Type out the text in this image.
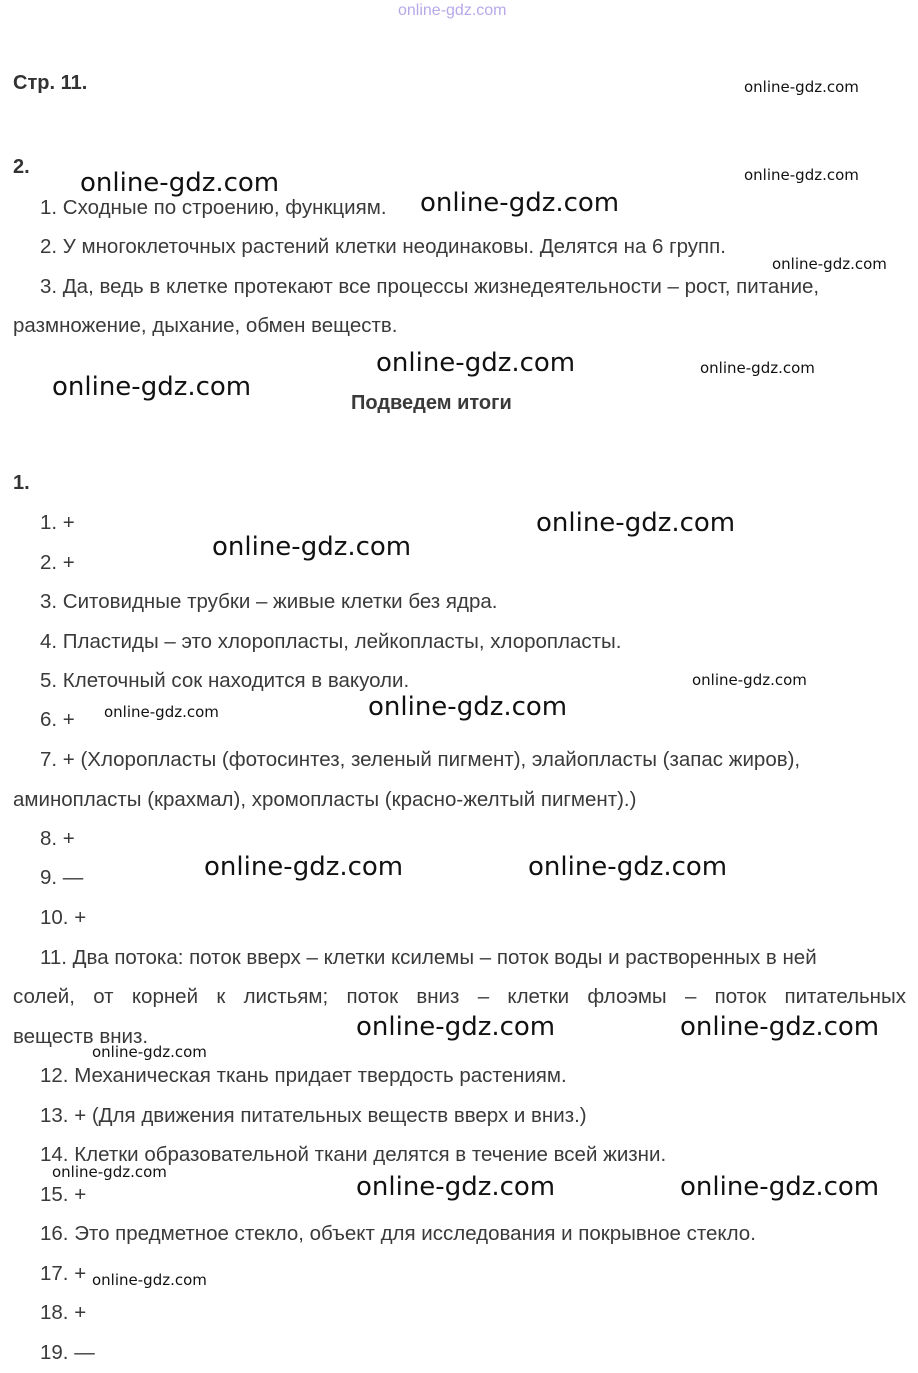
online-gdz.com
Стр. 11.
2.
1. Сходные по строению, функциям.
2. У многоклеточных растений клетки неодинаковы. Делятся на 6 групп.
3. Да, ведь в клетке протекают все процессы жизнедеятельности – рост, питание,
размножение, дыхание, обмен веществ.
Подведем итоги
1.
1. +
2. +
3. Ситовидные трубки – живые клетки без ядра.
4. Пластиды – это хлоропласты, лейкопласты, хлоропласты.
5. Клеточный сок находится в вакуоли.
6. +
7. + (Хлоропласты (фотосинтез, зеленый пигмент), элайопласты (запас жиров),
аминопласты (крахмал), хромопласты (красно-желтый пигмент).)
8. +
9. —
10. +
11. Два потока: поток вверх – клетки ксилемы – поток воды и растворенных в ней
солей, от корней к листьям; поток вниз – клетки флоэмы – поток питательных
веществ вниз.
12. Механическая ткань придает твердость растениям.
13. + (Для движения питательных веществ вверх и вниз.)
14. Клетки образовательной ткани делятся в течение всей жизни.
15. +
16. Это предметное стекло, объект для исследования и покрывное стекло.
17. +
18. +
19. —
online-gdz.com
online-gdz.com
online-gdz.com
online-gdz.com
online-gdz.com
online-gdz.com	online-gdz.com
online-gdz.com
online-gdz.com
online-gdz.com
online-gdz.com
online-gdz.com
online-gdz.com
online-gdz.com	online-gdz.com
online-gdz.com	online-gdz.com
online-gdz.com
online-gdz.com	online-gdz.com	online-gdz.com
online-gdz.com
